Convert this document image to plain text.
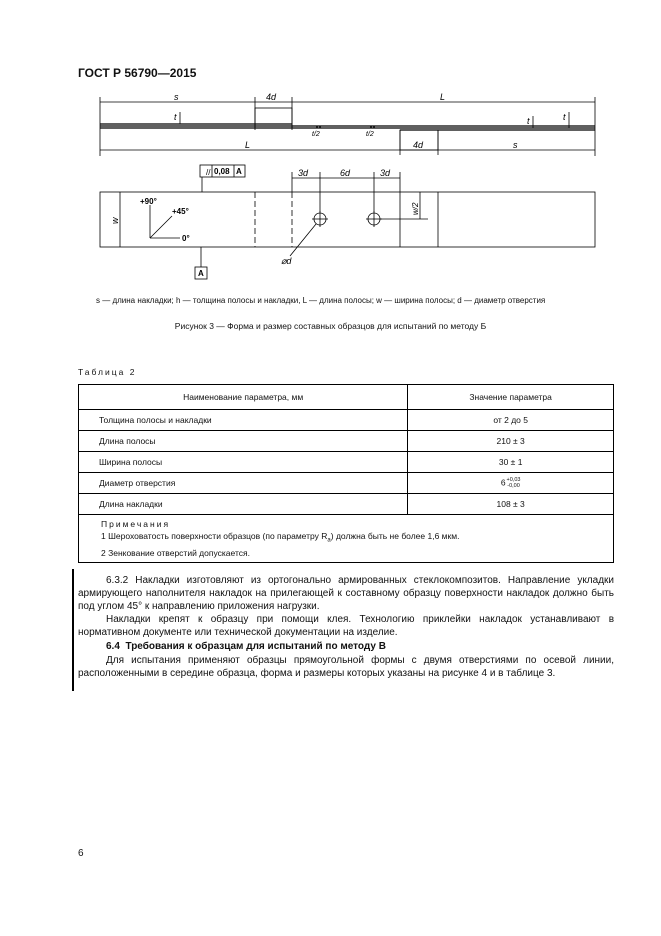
ГОСТ Р 56790—2015
//
s	4d	L
L	4d	s
t	t	t
t/2	t/2
3d	6d	3d
w/2
w
⌀d
0,08 A
+90°
+45°
0°
A
s — длина накладки; h — толщина полосы и накладки, L — длина полосы; w — ширина полосы; d — диаметр отверстия
Рисунок 3 — Форма и размер составных образцов для испытаний по методу Б
Таблица 2
Наименование параметра, мм	Значение параметра
Толщина полосы и накладки	от 2 до 5
Длина полосы	210 ± 3
Ширина полосы	30 ± 1
Диаметр отверстия	6 +0,03
-0,00

Длина накладки	108 ± 3

Примечания
1 Шероховатость поверхности образцов (по параметру $R_a$) должна быть не более 1,6 мкм.
2 Зенкование отверстий допускается.	

6.3.2 Накладки изготовляют из ортогонально армированных стеклокомпозитов. Направление укладки армирующего наполнителя накладок на прилегающей к составному образцу поверхности накладок должно быть под углом 45° к направлению приложения нагрузки.

Накладки крепят к образцу при помощи клея. Технологию приклейки накладок устанавливают в нормативном документе или технической документации на изделие.

6.4 Требования к образцам для испытаний по методу В

Для испытания применяют образцы прямоугольной формы с двумя отверстиями по осевой линии, расположенными в середине образца, форма и размеры которых указаны на рисунке 4 и в таблице 3.

6
